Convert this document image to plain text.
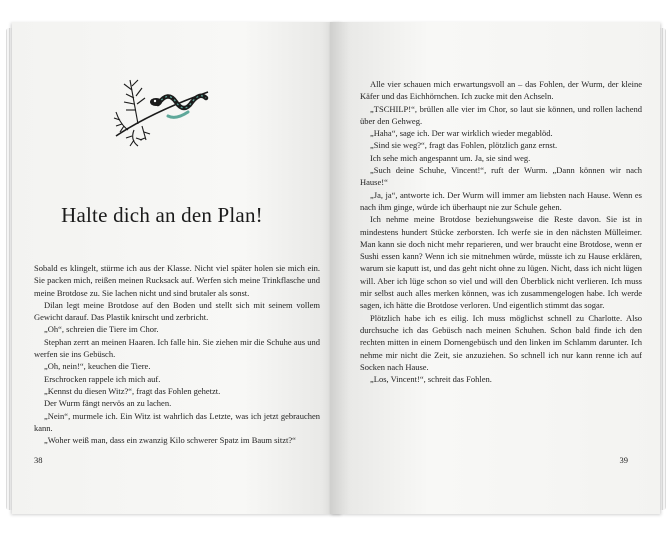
Halte dich an den Plan!

Sobald es klingelt, stürme ich aus der Klasse. Nicht viel später holen sie mich ein. Sie packen mich, reißen meinen Rucksack auf. Werfen sich meine Trinkflasche und meine Brotdose zu. Sie lachen nicht und sind brutaler als sonst.

Dilan legt meine Brotdose auf den Boden und stellt sich mit seinem vollem Gewicht darauf. Das Plastik knirscht und zerbricht.

„Oh“, schreien die Tiere im Chor.

Stephan zerrt an meinen Haaren. Ich falle hin. Sie ziehen mir die Schuhe aus und werfen sie ins Gebüsch.

„Oh, nein!“, keuchen die Tiere.

Erschrocken rappele ich mich auf.

„Kennst du diesen Witz?“, fragt das Fohlen gehetzt.

Der Wurm fängt nervös an zu lachen.

„Nein“, murmele ich. Ein Witz ist wahrlich das Letzte, was ich jetzt gebrauchen kann.

„Woher weiß man, dass ein zwanzig Kilo schwerer Spatz im Baum sitzt?“

38

Alle vier schauen mich erwartungsvoll an – das Fohlen, der Wurm, der kleine Käfer und das Eichhörnchen. Ich zucke mit den Achseln.

„TSCHILP!“, brüllen alle vier im Chor, so laut sie können, und rollen lachend über den Gehweg.

„Haha“, sage ich. Der war wirklich wieder megablöd.

„Sind sie weg?“, fragt das Fohlen, plötzlich ganz ernst.

Ich sehe mich angespannt um. Ja, sie sind weg.

„Such deine Schuhe, Vincent!“, ruft der Wurm. „Dann können wir nach Hause!“

„Ja, ja“, antworte ich. Der Wurm will immer am liebsten nach Hause. Wenn es nach ihm ginge, würde ich überhaupt nie zur Schule gehen.

Ich nehme meine Brotdose beziehungsweise die Reste davon. Sie ist in mindestens hundert Stücke zerborsten. Ich werfe sie in den nächsten Mülleimer. Man kann sie doch nicht mehr reparieren, und wer braucht eine Brotdose, wenn er Sushi essen kann? Wenn ich sie mitnehmen würde, müsste ich zu Hause erklären, warum sie kaputt ist, und das geht nicht ohne zu lügen. Nicht, dass ich nicht lügen will. Aber ich lüge schon so viel und will den Überblick nicht verlieren. Ich muss mir selbst auch alles merken können, was ich zusammengelogen habe. Ich werde sagen, ich hätte die Brotdose verloren. Und eigentlich stimmt das sogar.

Plötzlich habe ich es eilig. Ich muss möglichst schnell zu Charlotte. Also durchsuche ich das Gebüsch nach meinen Schuhen. Schon bald finde ich den rechten mitten in einem Dornengebüsch und den linken im Schlamm darunter. Ich nehme mir nicht die Zeit, sie anzuziehen. So schnell ich nur kann renne ich auf Socken nach Hause.

„Los, Vincent!“, schreit das Fohlen.

39
